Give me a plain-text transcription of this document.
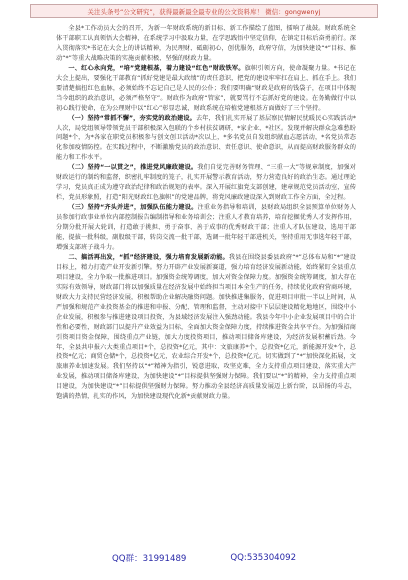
关注头条号“公文研究”，获得最新最全最专业的公文资料库！ 微信：gongwenyj

全县*工作动员大会的召开，为新一年财政系统的新目标、新工作描绘了蓝图，擂响了战鼓。财政系统全体干部职工认真领悟大会精神，在系统学习中汲取力量，在学思践悟中坚定信仰，在镇定目标后奋勇前行。深入贯彻落实*书记在大会上的讲话精神，为民理财、砥砺初心，创优服务，政府守信，为加快建设“*”目标、推动“*”等重大战略决策的实施贡献积极、坚强的财政力量。

一、红心永向党，“培”党建根基，着力建设“红色”财政铁军。旗帜引领方向，使命凝聚力量。*书记在大会上提出，要强化干部教育“抓好党建是最大政绩”的责任意识，把党的建设牢牢扛在肩上、抓在手上。我们要清楚搞扭红色血脉，必须始终不忘记自己是人民的公仆；我们要明确“财政是政府的钱袋子，在项目中体现当今组织的政治意识，必须严格坚守”。财政作为政府“管家”，就要骂行不忘抓好党的建设。在务勤做行中以初心践行使命，在为公理财中以“红心”彰显忠诚，财政系统在培植党建根基方面做好了三个坚持。

（一）坚持“常抓不懈”，夯实党的政治建设。去年，我们扎实开展了基层察民情解民忧暖民心实践活动*人次，局党组领导带领党员干部积极深入包联的个乡村扶贫调研，*家企业、*社区。发现并解决群众急难愁盼问题*个，为*各家在职党员积极参与创文创卫活动*次以上，*多名党员自发组织献血志愿活动，*名党员常态化参加疫情防控。在实践过程中，不断激励党员的政治意识、责任意识、使命意识，从而提高财政服务群众的能力和工作水平。

（二）坚持“一以贯之”，推进党风廉政建设。我们自觉完善财务管理、“三重一大”等规章制度，加强对财政运行的制约和监督，织密扎牢制度的笼子，扎实开展警示教育活动，努力营造良好的政治生态。通过理论学习，党员真正成为遵守政治纪律和政治规矩的表率。深入开展红旗党支部创建，建章规范党员活动室，宣传栏，党员形象照，打造“阳光财政红色旗帜”的党建品牌，将党风廉政建设深入到财政工作全方面，全过程。

（三）坚持“齐头并进”，加强队伍能力建设。注重业务指导和培训，县财政局组织全县预算单位财务人员参加行政事业单位内部控制报告编制指导和业务培训会；注重人才教育培养，培育挖掘优秀人才发挥作用，分期分批开展大轮训，打造敢于挑担、勇于奋事、善于成事的优秀财政干部；注重人才队伍建设，选用干部能，提拔一批科级，副股级干部，转岗交流一批干部，选调一批年轻干部进机关，坚持重用无事选年轻干部，增强支部班子战斗力。

二、搞活再出发，“抓”经济建设，强力培育发展新动能。我县在围绕县委县政府“*”总体布局和“*”建设目标上，精力打造产业开发新引擎。努力开辟产业发展新赛道，强力培育经济发展新动能，始终紧盯全县重点项目建设，全力争取一批推进项目。加强资金统筹调度，加大对资金保障力度。加强资金统筹调度，加大存在实际有效领导，财政部门将以加强质量在经济发展中始终担当项目本全生产的任务，持续优化政府营商环境，财政大力支持民营经济发展，积极帮助企业解决融资问题。加快推进集服务，促进项目审批一半以上时间，从严加强和规范产业投资基金的推进和申报、分配、管理和监督，主动对接中下层层建设精化地地区，围绕中小企业发展，积极参与推进建设项目投资，为县域经济发展注入强劲动能。我县今年中小企业发展项目中的合计性和必要性，财政部门以提升产业效益为目标，全面加大资金保障力度，持续推进资金共享平台。为加强招商引资项目资金保障，围绕重点产业链，加大力度投资项目，推动项目储备库建设，为经济发展积蓄后劲。今年，全县共申报六大类重点项目*个，总投资*亿元，其中：文旅康养*个，总投资*亿元，新能源开发*个，总投资*亿元；商贸仓储*个，总投资*亿元，农业综合开发*个，总投资*亿元。切实做到了“*”加快深化拓展，文旅康养业加速发展。我们坚持以“*”精神为指引，锐意进取，攻坚克难，全力支持重点项目建设，落实重大产业发展，推动项目储备库建设，为加快建设“*”目标提供坚强财力保障。我们要以“*”的精神，全力支持重点项目建设，为加快建设“*”目标提供坚强财力保障。努力推动全县经济高质量发展迈上新台阶，以昂扬的斗志，饱满的热情，扎实的作风，为加快建设现代化新*贡献财政力量。

QQ群：31991489	QQ:535304092
